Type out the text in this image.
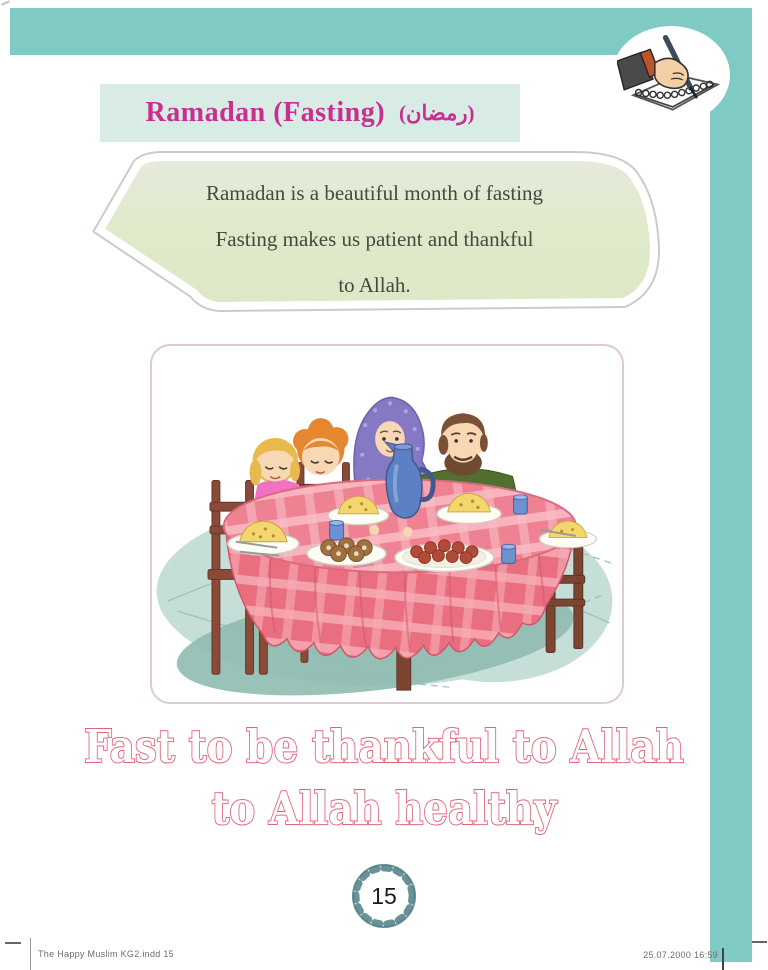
Ramadan (Fasting) (رمضان)
Ramadan is a beautiful month of fasting
Fasting makes us patient and thankful
to Allah.
Fast to be thankful to Allah
to Allah healthy
15
The Happy Muslim KG2.indd 15	25.07.2000 16:59
